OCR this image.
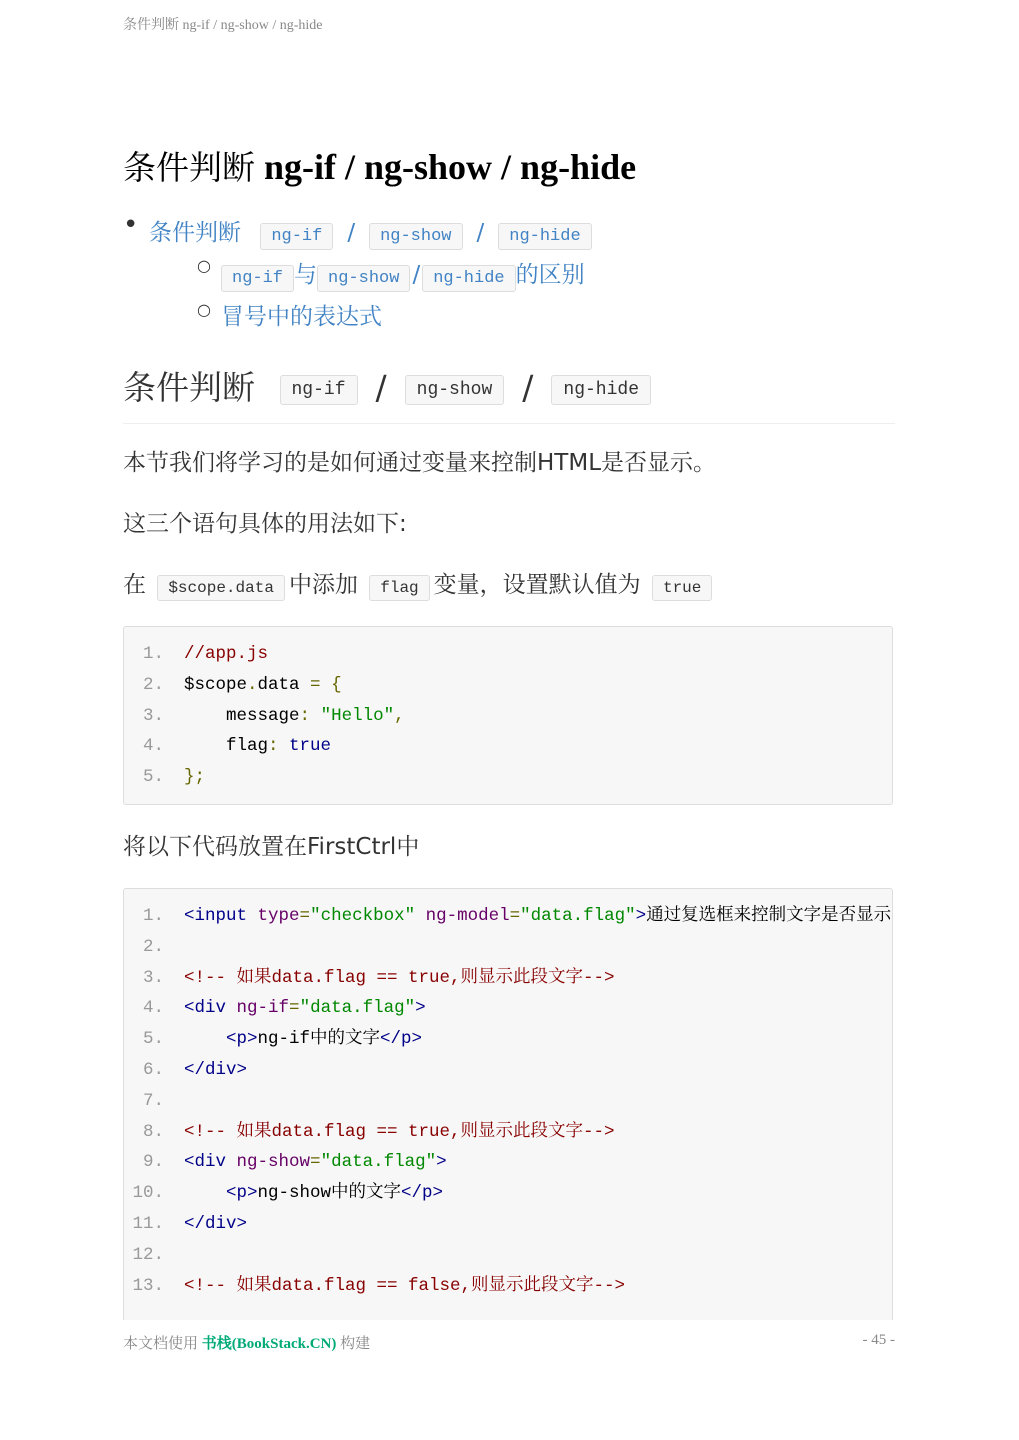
条件判断 ng-if / ng-show / ng-hide
条件判断 ng-if / ng-show / ng-hide
• 条件判断 ng-if / ng-show / ng-hide
○
ng-if 与 ng-show / ng-hide 的区别
○ 冒号中的表达式
条件判断 ng-if / ng-show / ng-hide

本节我们将学习的是如何通过变量来控制HTML是否显示。

这三个语句具体的用法如下:

在 $scope.data 中添加 flag 变量，设置默认值为 true

1. //app.js
2. $scope.data = {
3. message: "Hello",
4. flag: true
5. };

将以下代码放置在FirstCtrl中

1. <input type="checkbox" ng-model="data.flag">通过复选框来控制文字是否显示
2.
3. <!-- 如果data.flag == true,则显示此段文字-->
4. <div ng-if="data.flag">
5.	<p>ng-if中的文字</p>
6. </div>
7.
8. <!-- 如果data.flag == true,则显示此段文字-->
9. <div ng-show="data.flag">
10.	<p>ng-show中的文字</p>
11. </div>
12.
13. <!-- 如果data.flag == false,则显示此段文字-->
本文档使用 书栈(BookStack.CN) 构建	- 45 -
